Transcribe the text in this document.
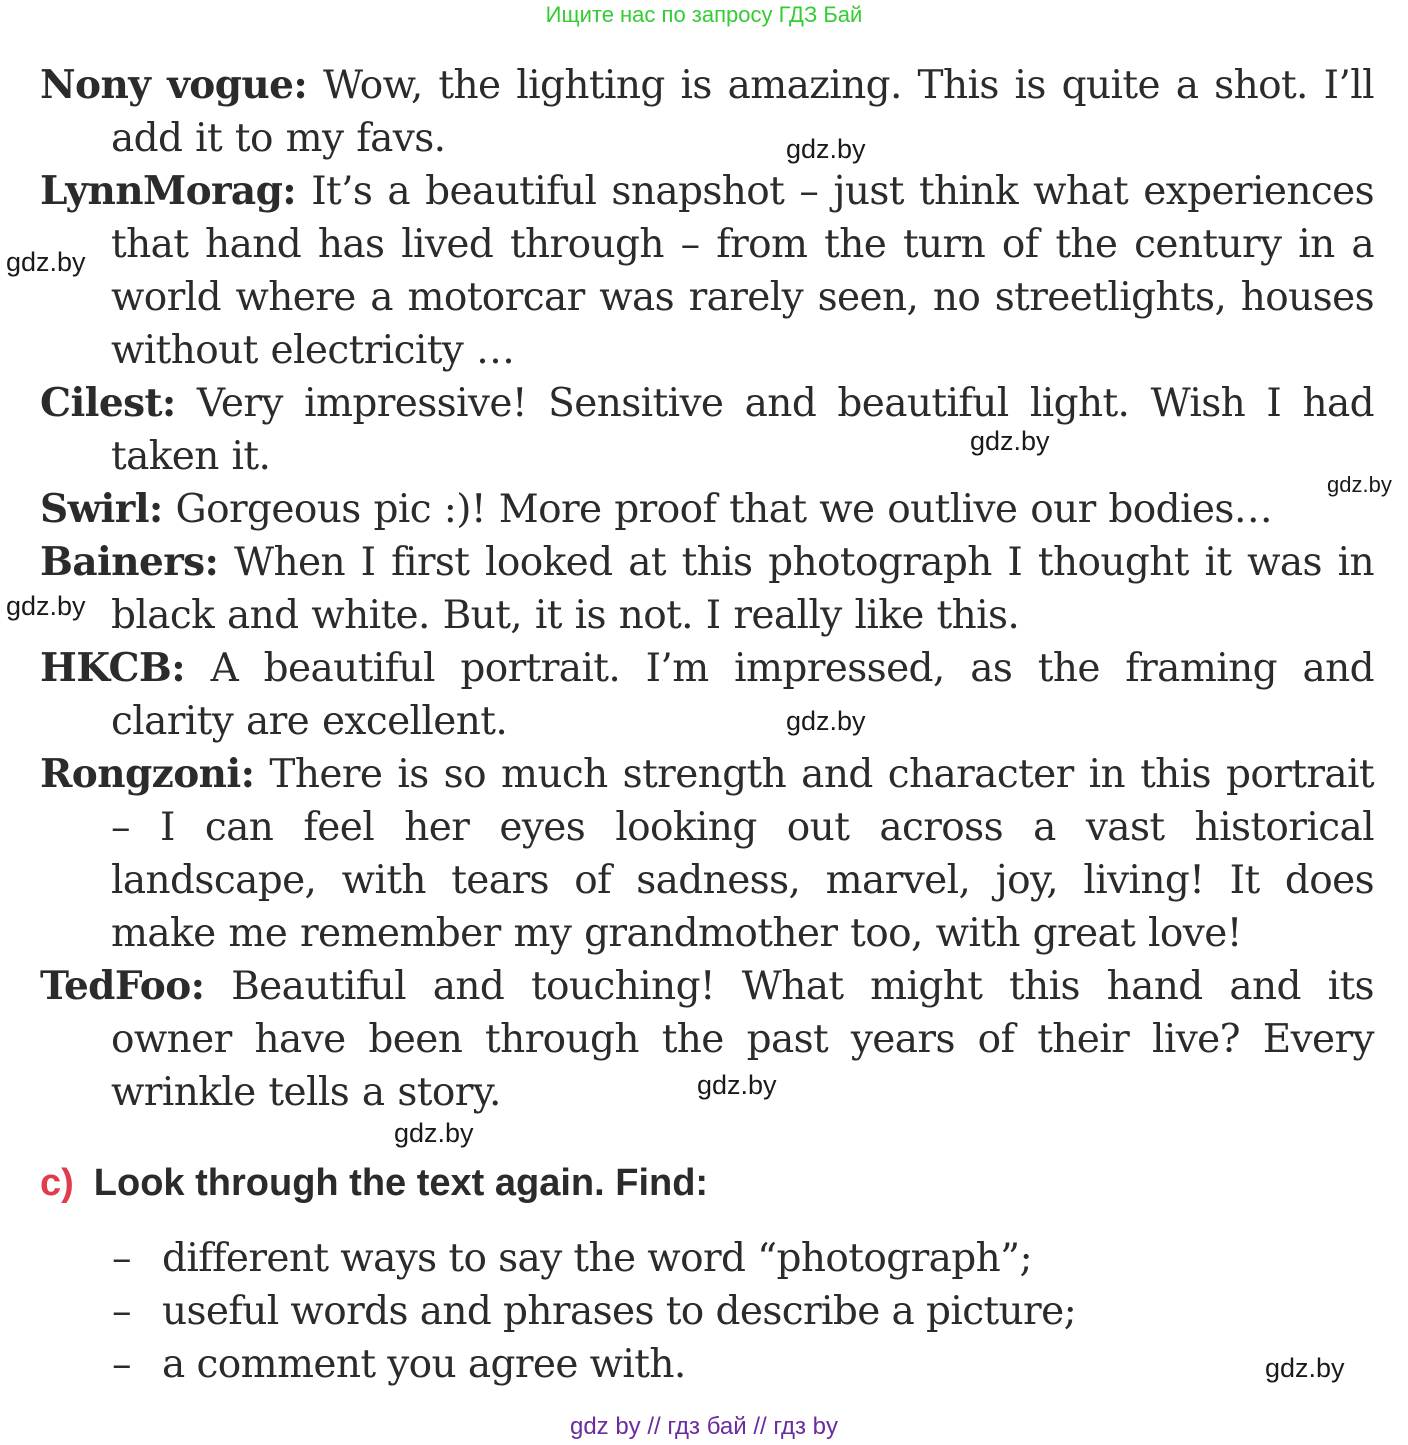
Ищите нас по запросу ГДЗ Бай

Nony vogue: Wow, the lighting is amazing. This is quite a shot. I’ll add it to my favs.

LynnMorag: It’s a beautiful snapshot – just think what experiences that hand has lived through – from the turn of the century in a world where a motorcar was rarely seen, no streetlights, houses without electricity …

Cilest: Very impressive! Sensitive and beautiful light. Wish I had taken it.

Swirl: Gorgeous pic :)! More proof that we outlive our bodies…

Bainers: When I first looked at this photograph I thought it was in black and white. But, it is not. I really like this.

HKCB: A beautiful portrait. I’m impressed, as the framing and clarity are excellent.

Rongzoni: There is so much strength and character in this portrait – I can feel her eyes looking out across a vast historical landscape, with tears of sadness, marvel, joy, living! It does make me remember my grandmother too, with great love!

TedFoo: Beautiful and touching! What might this hand and its owner have been through the past years of their live? Every wrinkle tells a story.

c) Look through the text again. Find:
– different ways to say the word “photograph”;
– useful words and phrases to describe a picture;
– a comment you agree with.
gdz.by
gdz.by
gdz.by
gdz.by
gdz.by
gdz.by
gdz.by
gdz.by
gdz.by
gdz by // гдз бай // гдз by
